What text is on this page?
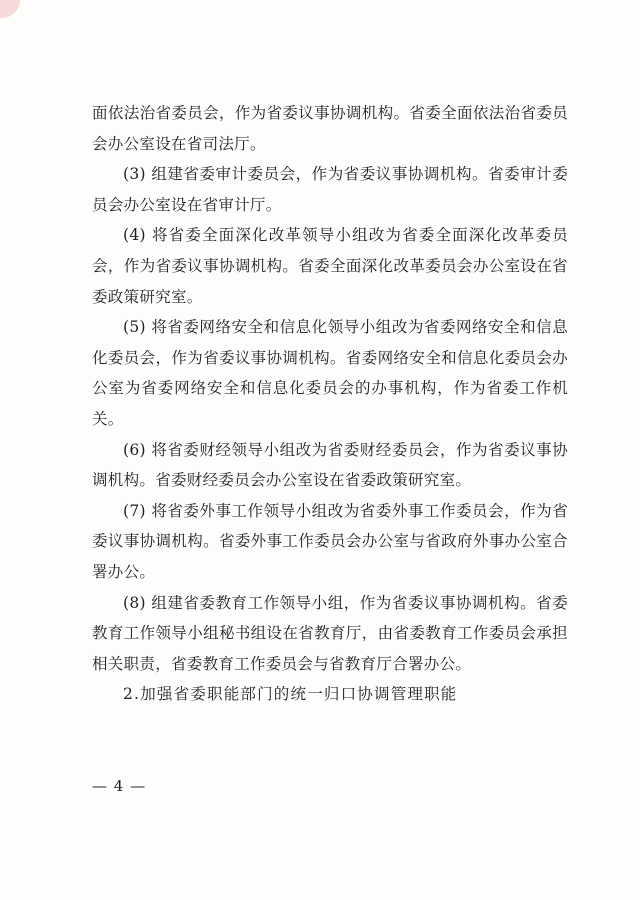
面依法治省委员会，作为省委议事协调机构。省委全面依法治省委员会办公室设在省司法厅。

(3) 组建省委审计委员会，作为省委议事协调机构。省委审计委员会办公室设在省审计厅。

(4) 将省委全面深化改革领导小组改为省委全面深化改革委员会，作为省委议事协调机构。省委全面深化改革委员会办公室设在省委政策研究室。

(5) 将省委网络安全和信息化领导小组改为省委网络安全和信息化委员会，作为省委议事协调机构。省委网络安全和信息化委员会办公室为省委网络安全和信息化委员会的办事机构，作为省委工作机关。

(6) 将省委财经领导小组改为省委财经委员会，作为省委议事协调机构。省委财经委员会办公室设在省委政策研究室。

(7) 将省委外事工作领导小组改为省委外事工作委员会，作为省委议事协调机构。省委外事工作委员会办公室与省政府外事办公室合署办公。

(8) 组建省委教育工作领导小组，作为省委议事协调机构。省委教育工作领导小组秘书组设在省教育厅，由省委教育工作委员会承担相关职责，省委教育工作委员会与省教育厅合署办公。

2.加强省委职能部门的统一归口协调管理职能

— 4 —
